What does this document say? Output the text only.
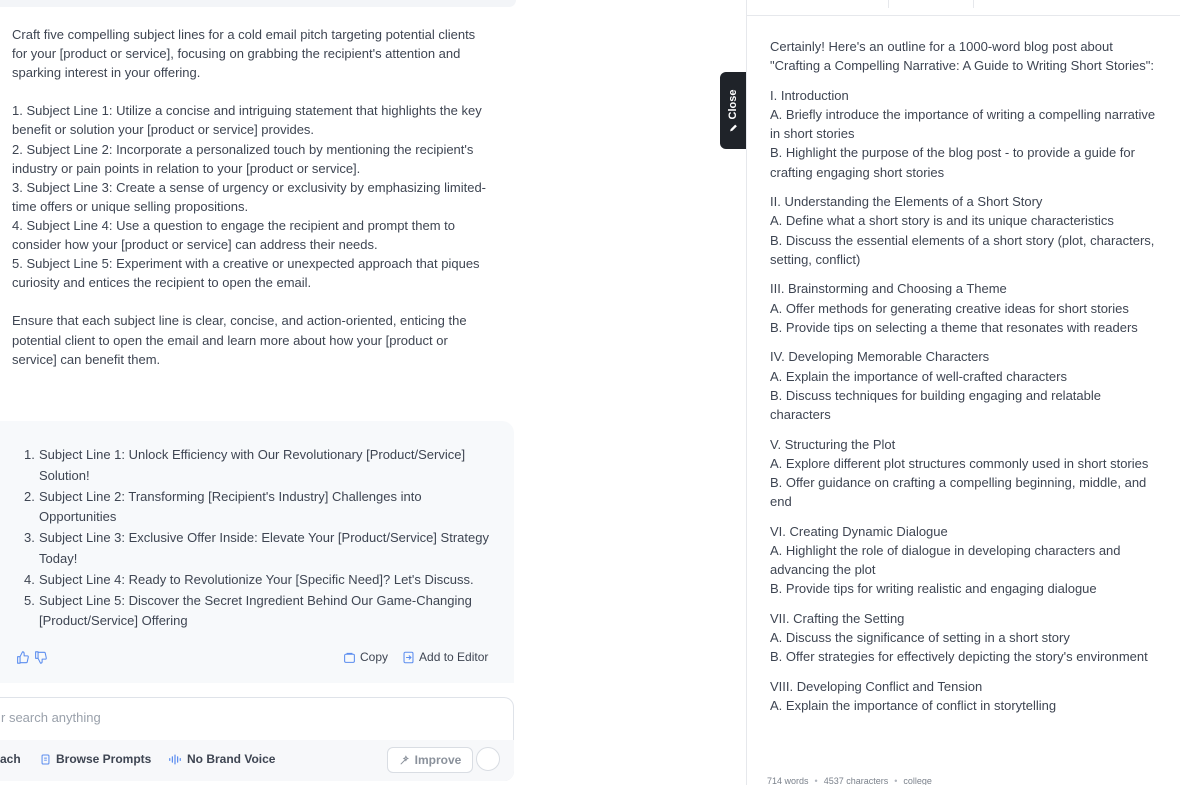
Craft five compelling subject lines for a cold email pitch targeting potential clients for your [product or service], focusing on grabbing the recipient's attention and sparking interest in your offering.

1. Subject Line 1: Utilize a concise and intriguing statement that highlights the key benefit or solution your [product or service] provides.

2. Subject Line 2: Incorporate a personalized touch by mentioning the recipient's industry or pain points in relation to your [product or service].

3. Subject Line 3: Create a sense of urgency or exclusivity by emphasizing limited-time offers or unique selling propositions.

4. Subject Line 4: Use a question to engage the recipient and prompt them to consider how your [product or service] can address their needs.

5. Subject Line 5: Experiment with a creative or unexpected approach that piques curiosity and entices the recipient to open the email.

Ensure that each subject line is clear, concise, and action-oriented, enticing the potential client to open the email and learn more about how your [product or service] can benefit them.

1. Subject Line 1: Unlock Efficiency with Our Revolutionary [Product/Service] Solution!
2. Subject Line 2: Transforming [Recipient's Industry] Challenges into Opportunities
3. Subject Line 3: Exclusive Offer Inside: Elevate Your [Product/Service] Strategy Today!
4. Subject Line 4: Ready to Revolutionize Your [Specific Need]? Let's Discuss.
5. Subject Line 5: Discover the Secret Ingredient Behind Our Game-Changing [Product/Service] Offering
Copy	Add to Editor
r search anything
ach	Browse Prompts	No Brand Voice	Improve
Close

Certainly! Here's an outline for a 1000-word blog post about "Crafting a Compelling Narrative: A Guide to Writing Short Stories":

I. Introduction

A. Briefly introduce the importance of writing a compelling narrative in short stories

B. Highlight the purpose of the blog post - to provide a guide for crafting engaging short stories

II. Understanding the Elements of a Short Story

A. Define what a short story is and its unique characteristics

B. Discuss the essential elements of a short story (plot, characters, setting, conflict)

III. Brainstorming and Choosing a Theme

A. Offer methods for generating creative ideas for short stories

B. Provide tips on selecting a theme that resonates with readers

IV. Developing Memorable Characters

A. Explain the importance of well-crafted characters

B. Discuss techniques for building engaging and relatable characters

V. Structuring the Plot

A. Explore different plot structures commonly used in short stories

B. Offer guidance on crafting a compelling beginning, middle, and end

VI. Creating Dynamic Dialogue

A. Highlight the role of dialogue in developing characters and advancing the plot

B. Provide tips for writing realistic and engaging dialogue

VII. Crafting the Setting

A. Discuss the significance of setting in a short story

B. Offer strategies for effectively depicting the story's environment

VIII. Developing Conflict and Tension

A. Explain the importance of conflict in storytelling

714 words • 4537 characters • college
